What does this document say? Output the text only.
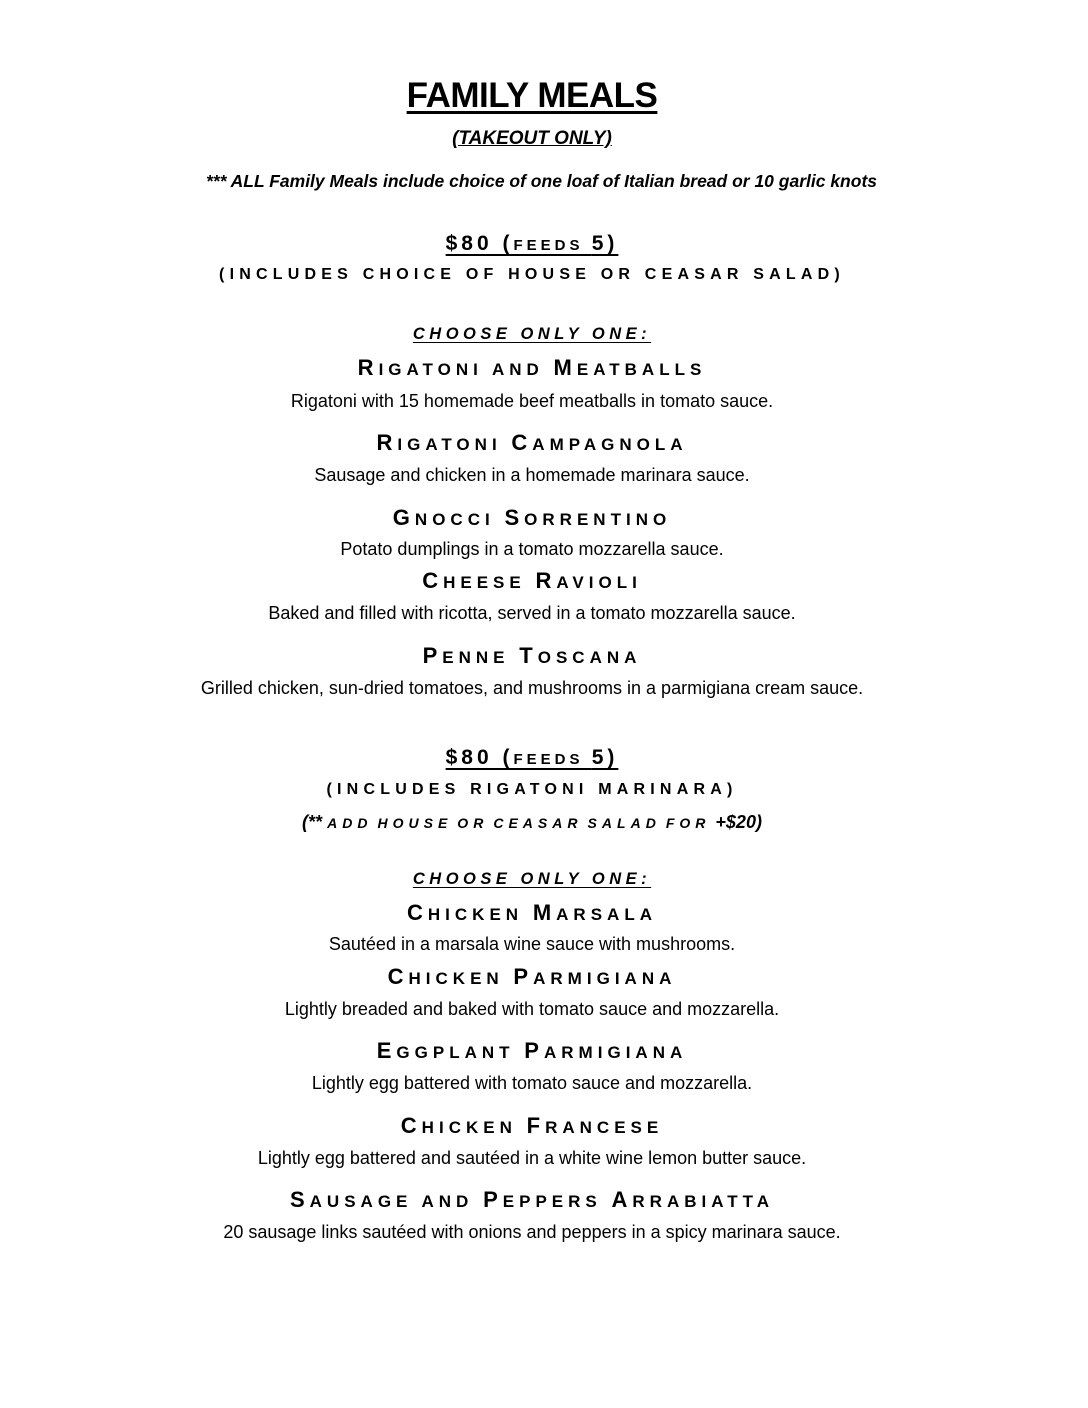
FAMILY MEALS
(TAKEOUT ONLY)
*** ALL Family Meals include choice of one loaf of Italian bread or 10 garlic knots
$80 (FEEDS 5)
(INCLUDES CHOICE OF HOUSE OR CEASAR SALAD)
CHOOSE ONLY ONE:
RIGATONI AND MEATBALLS
Rigatoni with 15 homemade beef meatballs in tomato sauce.
RIGATONI CAMPAGNOLA
Sausage and chicken in a homemade marinara sauce.
GNOCCI SORRENTINO
Potato dumplings in a tomato mozzarella sauce.
CHEESE RAVIOLI
Baked and filled with ricotta, served in a tomato mozzarella sauce.
PENNE TOSCANA
Grilled chicken, sun-dried tomatoes, and mushrooms in a parmigiana cream sauce.
$80 (FEEDS 5)
(INCLUDES RIGATONI MARINARA)
(** ADD HOUSE OR CEASAR SALAD FOR +$20)
CHOOSE ONLY ONE:
CHICKEN MARSALA
Sautéed in a marsala wine sauce with mushrooms.
CHICKEN PARMIGIANA
Lightly breaded and baked with tomato sauce and mozzarella.
EGGPLANT PARMIGIANA
Lightly egg battered with tomato sauce and mozzarella.
CHICKEN FRANCESE
Lightly egg battered and sautéed in a white wine lemon butter sauce.
SAUSAGE AND PEPPERS ARRABIATTA
20 sausage links sautéed with onions and peppers in a spicy marinara sauce.
